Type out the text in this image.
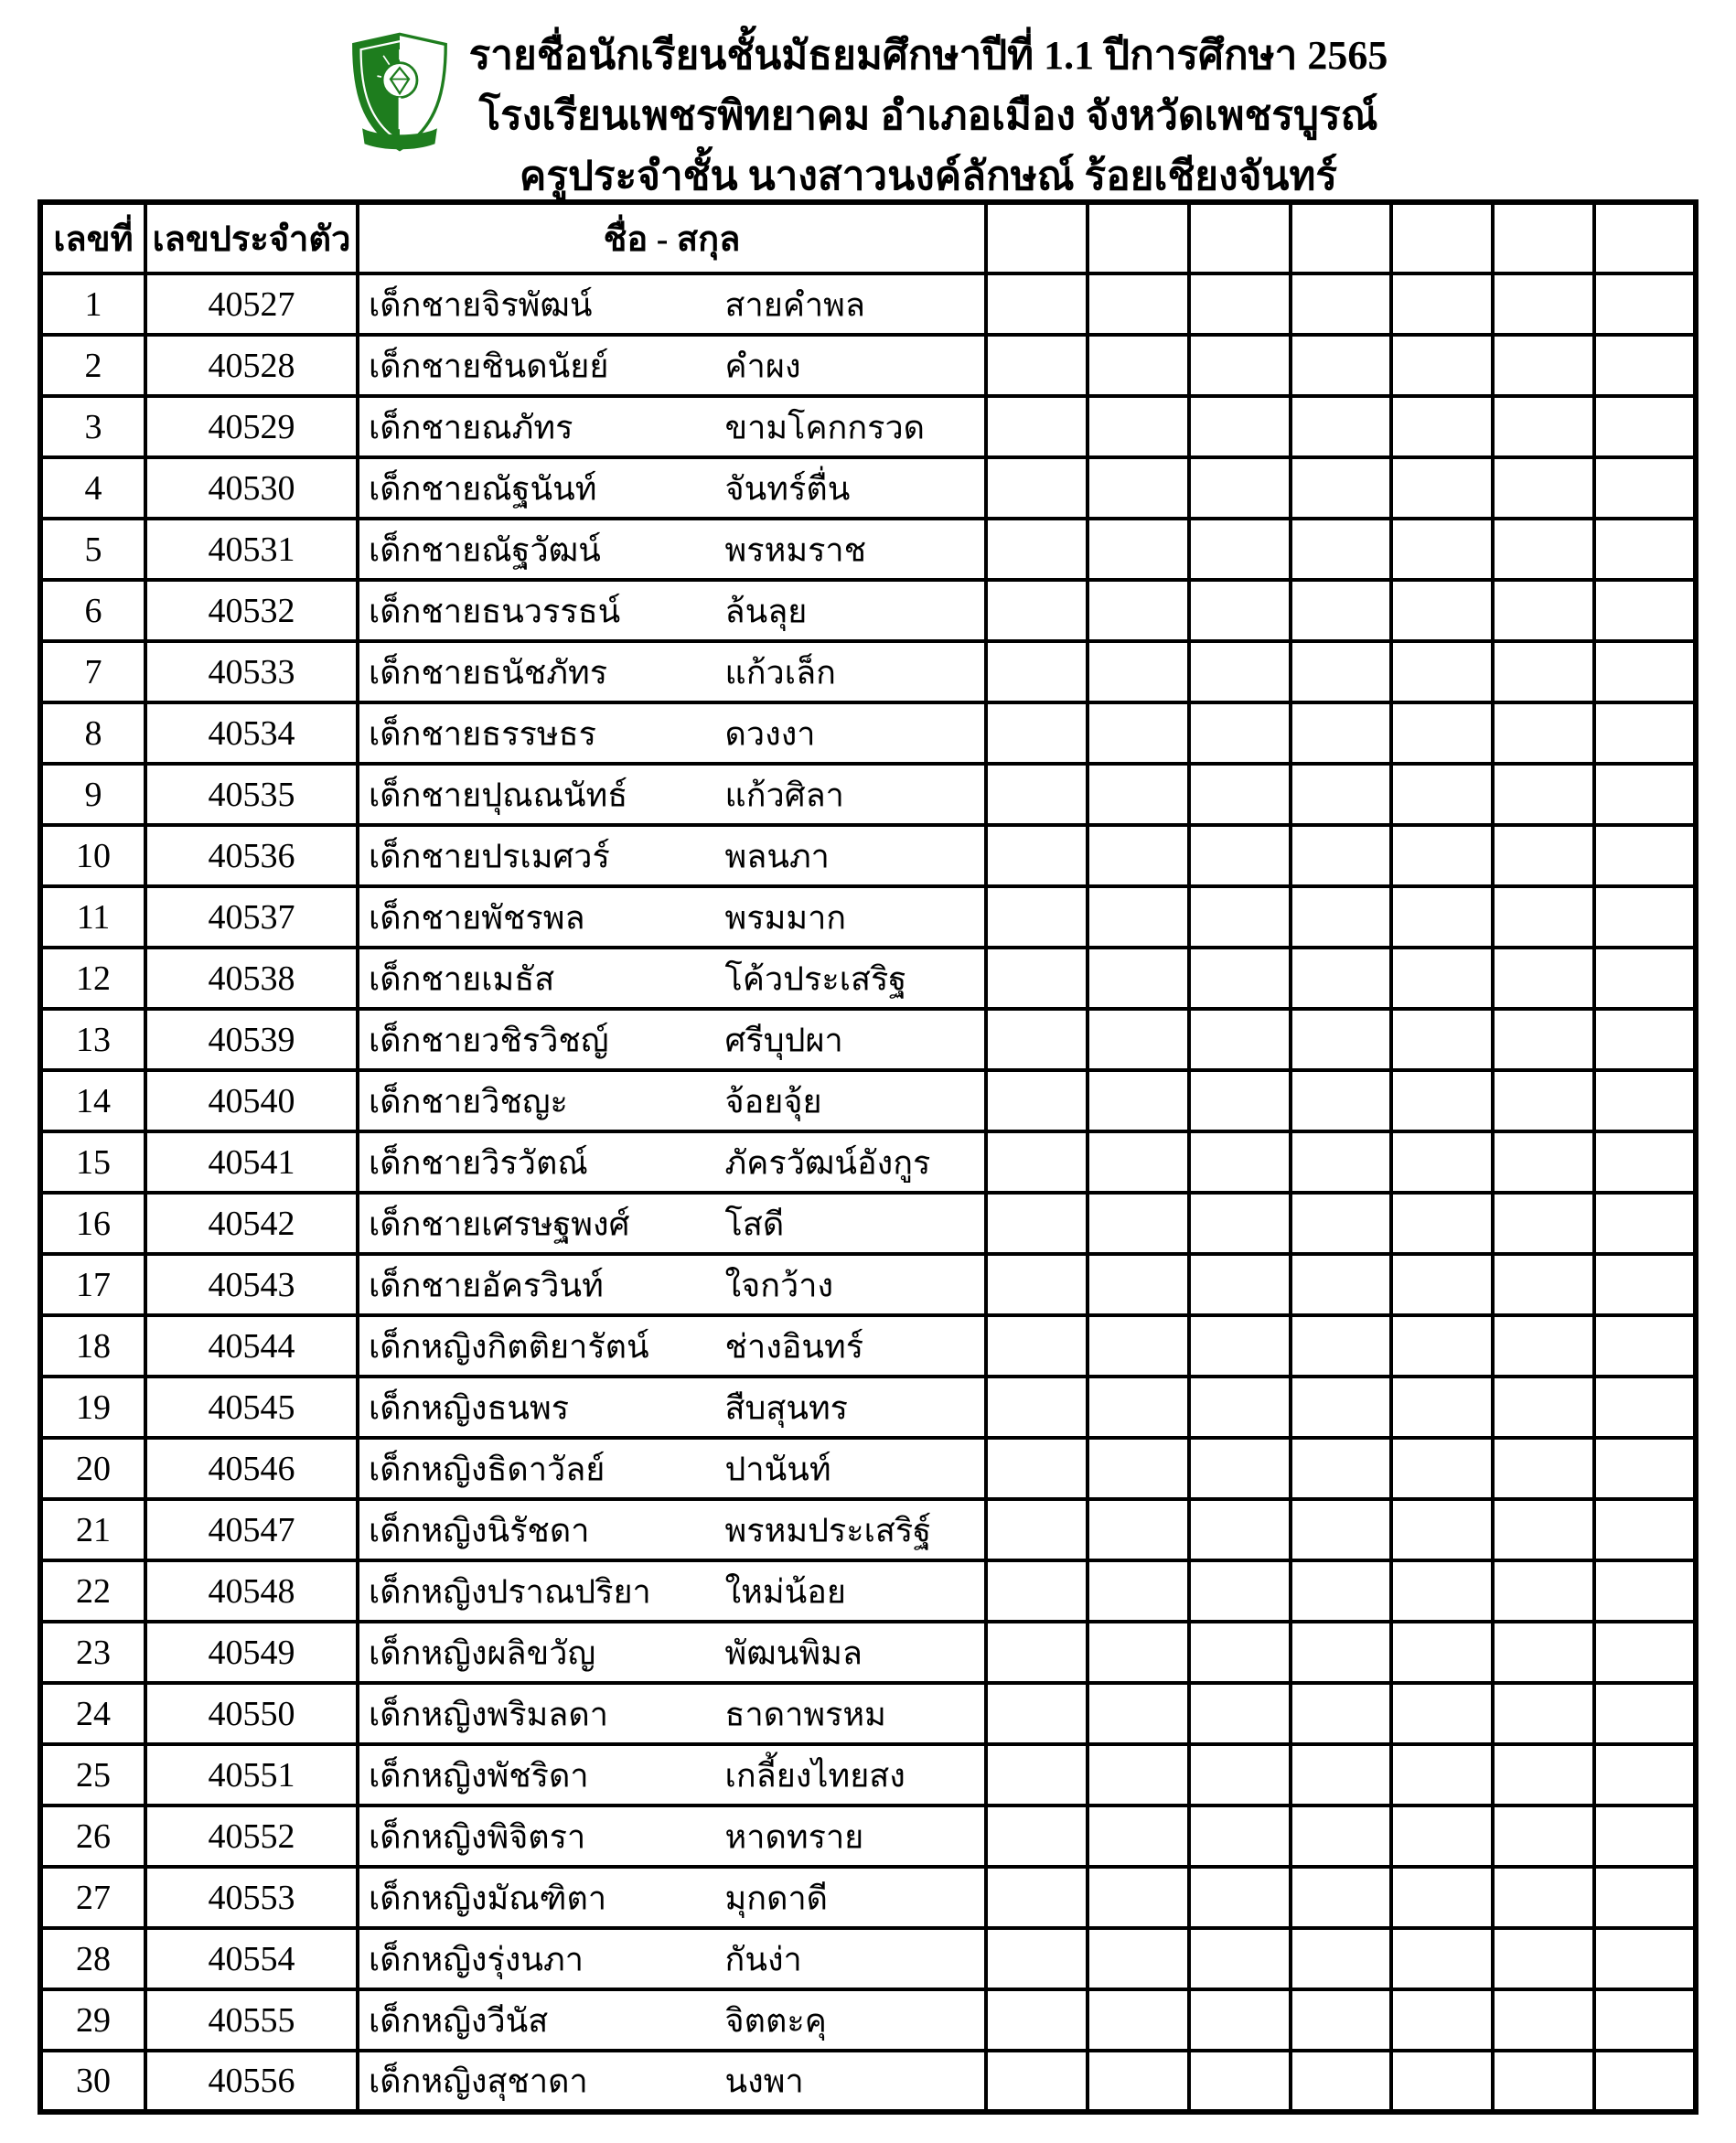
รายชื่อนักเรียนชั้นมัธยมศึกษาปีที่ 1.1 ปีการศึกษา 2565
โรงเรียนเพชรพิทยาคม อำเภอเมือง จังหวัดเพชรบูรณ์
ครูประจำชั้น นางสาวนงค์ลักษณ์ ร้อยเชียงจันทร์
เลขที่	เลขประจำตัว	ชื่อ - สกุล							
1	40527	เด็กชายจิรพัฒน์ สายคำพล							

2	40528	เด็กชายชินดนัยย์ คำผง							

3	40529	เด็กชายณภัทร ขามโคกกรวด							

4	40530	เด็กชายณัฐนันท์ จันทร์ตื่น							

5	40531	เด็กชายณัฐวัฒน์ พรหมราช							

6	40532	เด็กชายธนวรรธน์ ล้นลุย							

7	40533	เด็กชายธนัชภัทร แก้วเล็ก							

8	40534	เด็กชายธรรษธร ดวงงา							

9	40535	เด็กชายปุณณนัทธ์ แก้วศิลา							

10	40536	เด็กชายปรเมศวร์ พลนภา							

11	40537	เด็กชายพัชรพล พรมมาก							

12	40538	เด็กชายเมธัส โค้วประเสริฐ							

13	40539	เด็กชายวชิรวิชญ์ ศรีบุปผา							

14	40540	เด็กชายวิชญะ จ้อยจุ้ย							

15	40541	เด็กชายวิรวัตณ์ ภัครวัฒน์อังกูร							

16	40542	เด็กชายเศรษฐพงศ์ โสดี							

17	40543	เด็กชายอัครวินท์ ใจกว้าง							

18	40544	เด็กหญิงกิตติยารัตน์ ช่างอินทร์							

19	40545	เด็กหญิงธนพร สืบสุนทร							

20	40546	เด็กหญิงธิดาวัลย์ ปานันท์							

21	40547	เด็กหญิงนิรัชดา พรหมประเสริฐ์							

22	40548	เด็กหญิงปราณปริยา ใหม่น้อย							

23	40549	เด็กหญิงผลิขวัญ พัฒนพิมล							

24	40550	เด็กหญิงพริมลดา ธาดาพรหม							

25	40551	เด็กหญิงพัชริดา เกลี้ยงไทยสง							

26	40552	เด็กหญิงพิจิตรา หาดทราย							

27	40553	เด็กหญิงมัณฑิตา มุกดาดี							

28	40554	เด็กหญิงรุ่งนภา กันง่า							

29	40555	เด็กหญิงวีนัส จิตตะคุ							

30	40556	เด็กหญิงสุชาดา นงพา							
